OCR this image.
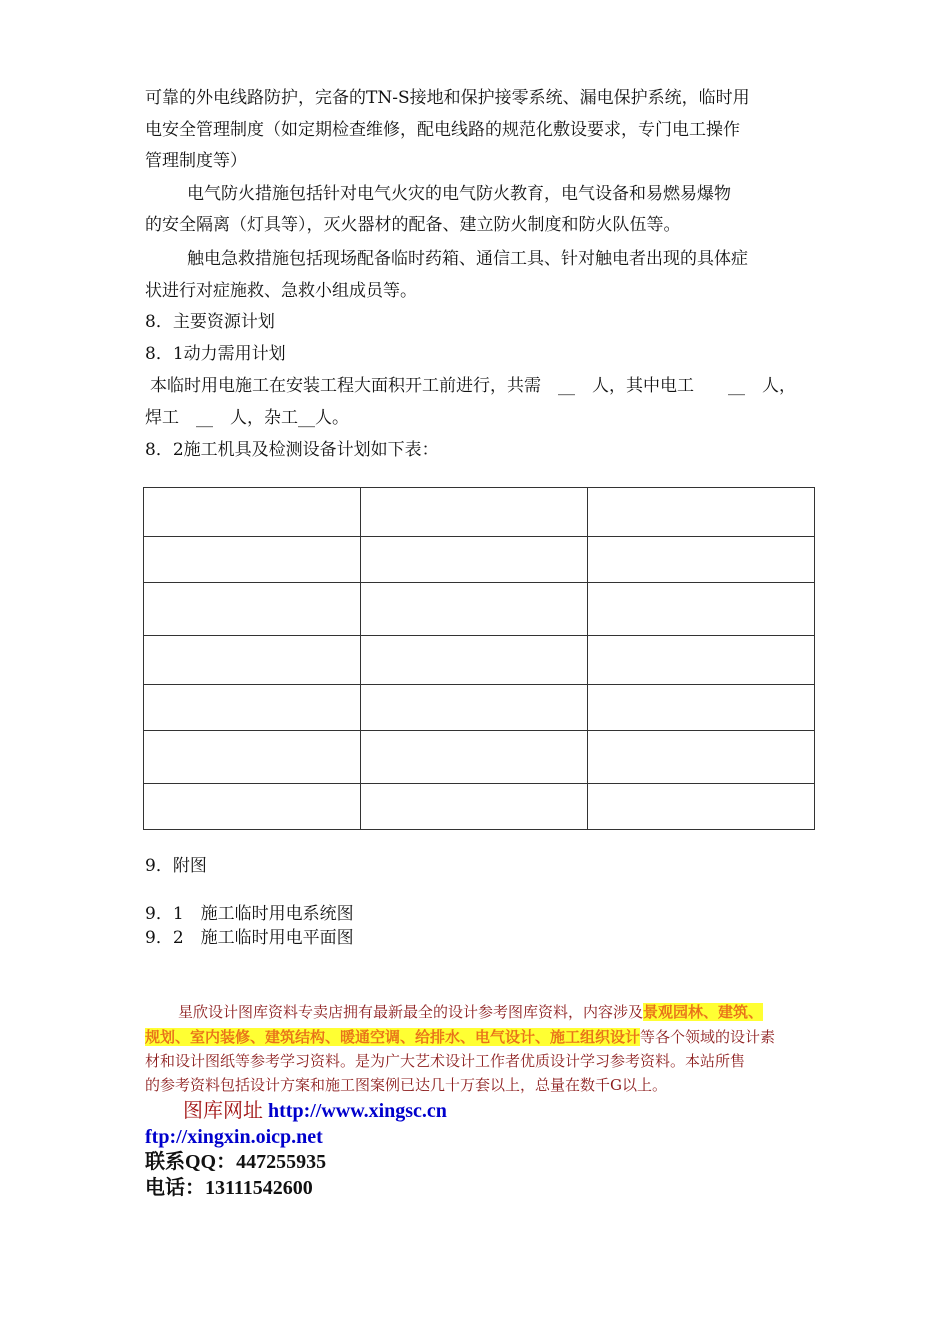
可靠的外电线路防护，完备的TN-S接地和保护接零系统、漏电保护系统，临时用
电安全管理制度（如定期检查维修，配电线路的规范化敷设要求，专门电工操作
管理制度等）
电气防火措施包括针对电气火灾的电气防火教育，电气设备和易燃易爆物
的安全隔离（灯具等），灭火器材的配备、建立防火制度和防火队伍等。
触电急救措施包括现场配备临时药箱、通信工具、针对触电者出现的具体症
状进行对症施救、急救小组成员等。
8．主要资源计划
8．1动力需用计划
本临时用电施工在安装工程大面积开工前进行，共需　__　人，其中电工　　__　人，
焊工　__　人，杂工__人。
8．2施工机具及检测设备计划如下表：

9．附图
9．1　施工临时用电系统图
9．2　施工临时用电平面图
星欣设计图库资料专卖店拥有最新最全的设计参考图库资料，内容涉及景观园林、建筑、
规划、室内装修、建筑结构、暖通空调、给排水、电气设计、施工组织设计等各个领域的设计素
材和设计图纸等参考学习资料。是为广大艺术设计工作者优质设计学习参考资料。本站所售
的参考资料包括设计方案和施工图案例已达几十万套以上，总量在数千G以上。
图库网址 http://www.xingsc.cn
ftp://xingxin.oicp.net
联系QQ：447255935
电话：13111542600
